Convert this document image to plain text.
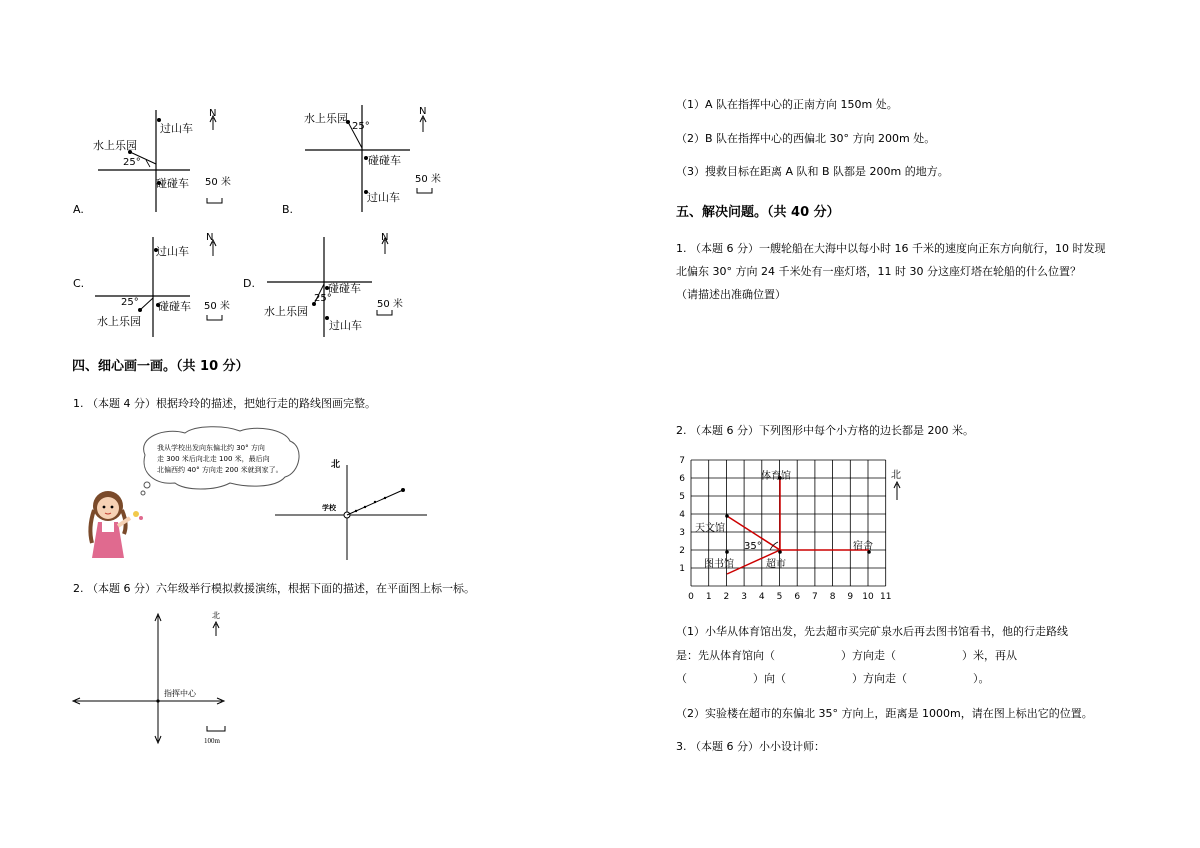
A.
过山车
水上乐园
25°
碰碰车
N
50 米
B.
水上乐园
25°
碰碰车
过山车
N
50 米
C.
过山车
25° 碰碰车
水上乐园
N
50 米
D.	碰碰车
25°
水上乐园
过山车
N
50 米
四、细心画一画。（共 10 分）
1. （本题 4 分）根据玲玲的描述，把她行走的路线图画完整。
我从学校出发向东偏北约 30° 方向
走 300 米后向北走 100 米，最后向
北偏西约 40° 方向走 200 米就到家了。	北
学校
2. （本题 6 分）六年级举行模拟救援演练，根据下面的描述，在平面图上标一标。
北
指挥中心
100m
（1）A 队在指挥中心的正南方向 150m 处。
（2）B 队在指挥中心的西偏北 30° 方向 200m 处。
（3）搜救目标在距离 A 队和 B 队都是 200m 的地方。
五、解决问题。（共 40 分）
1. （本题 6 分）一艘轮船在大海中以每小时 16 千米的速度向正东方向航行，10 时发现
北偏东 30° 方向 24 千米处有一座灯塔，11 时 30 分这座灯塔在轮船的什么位置？
（请描述出准确位置）
2. （本题 6 分）下列图形中每个小方格的边长都是 200 米。
0 1 2 3 4 5 6 7 8 9 10 11
1
2
3
4
5
6
7
体育馆
天文馆
35°
图书馆	超市
宿舍
北
（1）小华从体育馆出发，先去超市买完矿泉水后再去图书馆看书，他的行走路线
是：先从体育馆向（　　　　　　）方向走（　　　　　　）米，再从
（　　　　　　）向（　　　　　　）方向走（　　　　　　）。
（2）实验楼在超市的东偏北 35° 方向上，距离是 1000m，请在图上标出它的位置。
3. （本题 6 分）小小设计师：
